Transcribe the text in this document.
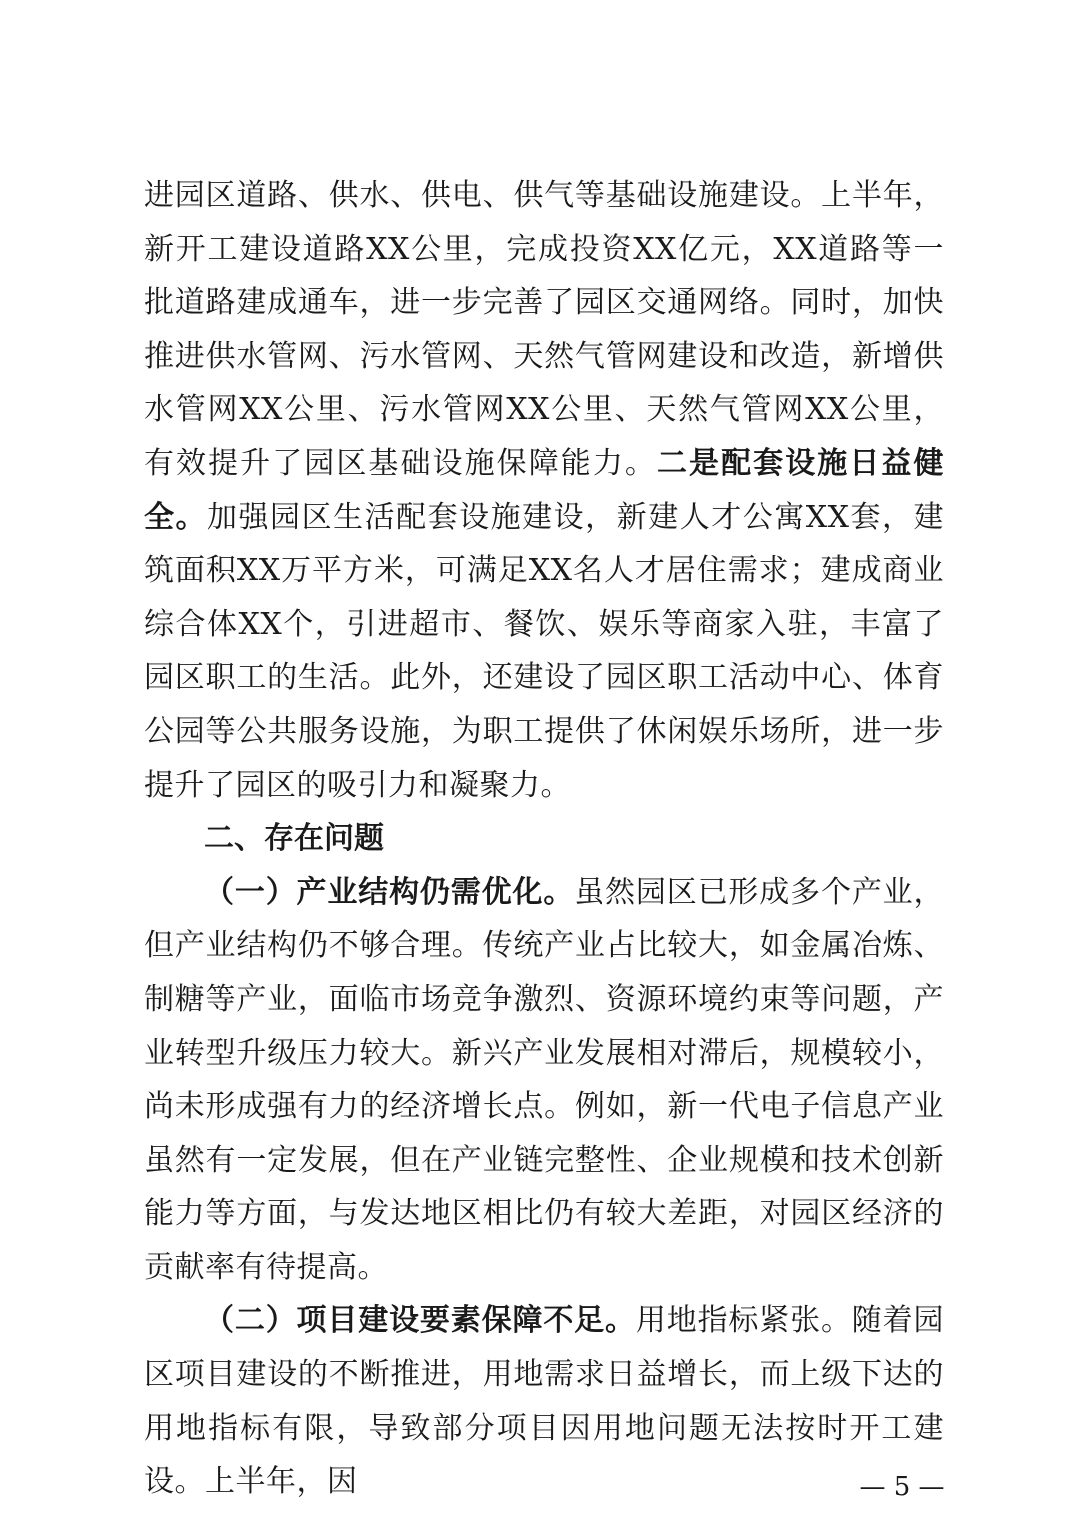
进园区道路、供水、供电、供气等基础设施建设。上半年，新开工建设道路XX公里，完成投资XX亿元，XX道路等一批道路建成通车，进一步完善了园区交通网络。同时，加快推进供水管网、污水管网、天然气管网建设和改造，新增供水管网XX公里、污水管网XX公里、天然气管网XX公里，有效提升了园区基础设施保障能力。二是配套设施日益健全。加强园区生活配套设施建设，新建人才公寓XX套，建筑面积XX万平方米，可满足XX名人才居住需求；建成商业综合体XX个，引进超市、餐饮、娱乐等商家入驻，丰富了园区职工的生活。此外，还建设了园区职工活动中心、体育公园等公共服务设施，为职工提供了休闲娱乐场所，进一步提升了园区的吸引力和凝聚力。

二、存在问题

（一）产业结构仍需优化。虽然园区已形成多个产业，但产业结构仍不够合理。传统产业占比较大，如金属冶炼、制糖等产业，面临市场竞争激烈、资源环境约束等问题，产业转型升级压力较大。新兴产业发展相对滞后，规模较小，尚未形成强有力的经济增长点。例如，新一代电子信息产业虽然有一定发展，但在产业链完整性、企业规模和技术创新能力等方面，与发达地区相比仍有较大差距，对园区经济的贡献率有待提高。

（二）项目建设要素保障不足。用地指标紧张。随着园区项目建设的不断推进，用地需求日益增长，而上级下达的用地指标有限，导致部分项目因用地问题无法按时开工建设。上半年，因	— 5 —
